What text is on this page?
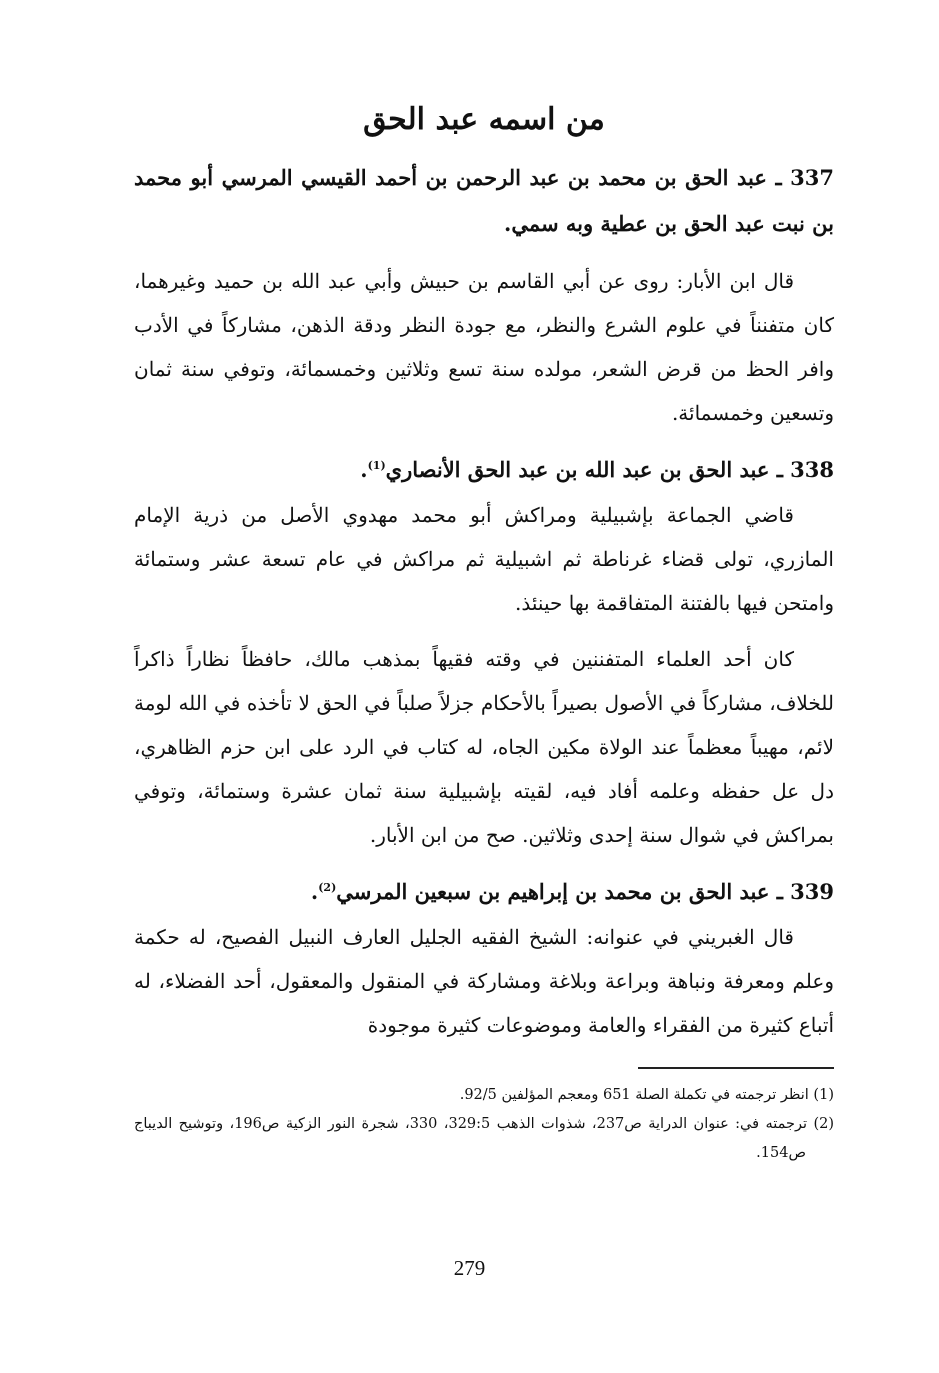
من اسمه عبد الحق

337 ـ عبد الحق بن محمد بن عبد الرحمن بن أحمد القيسي المرسي أبو محمد بن نبت عبد الحق بن عطية وبه سمي.

قال ابن الأبار: روى عن أبي القاسم بن حبيش وأبي عبد الله بن حميد وغيرهما، كان متفنناً في علوم الشرع والنظر، مع جودة النظر ودقة الذهن، مشاركاً في الأدب وافر الحظ من قرض الشعر، مولده سنة تسع وثلاثين وخمسمائة، وتوفي سنة ثمان وتسعين وخمسمائة.

338 ـ عبد الحق بن عبد الله بن عبد الحق الأنصاري$^{(1)}$.

قاضي الجماعة بإشبيلية ومراكش أبو محمد مهدوي الأصل من ذرية الإمام المازري، تولى قضاء غرناطة ثم اشبيلية ثم مراكش في عام تسعة عشر وستمائة وامتحن فيها بالفتنة المتفاقمة بها حينئذ.

كان أحد العلماء المتفننين في وقته فقيهاً بمذهب مالك، حافظاً نظاراً ذاكراً للخلاف، مشاركاً في الأصول بصيراً بالأحكام جزلاً صلباً في الحق لا تأخذه في الله لومة لائم، مهيباً معظماً عند الولاة مكين الجاه، له كتاب في الرد على ابن حزم الظاهري، دل عل حفظه وعلمه أفاد فيه، لقيته بإشبيلية سنة ثمان عشرة وستمائة، وتوفي بمراكش في شوال سنة إحدى وثلاثين. صح من ابن الأبار.

339 ـ عبد الحق بن محمد بن إبراهيم بن سبعين المرسي$^{(2)}$.

قال الغبريني في عنوانه: الشيخ الفقيه الجليل العارف النبيل الفصيح، له حكمة وعلم ومعرفة ونباهة وبراعة وبلاغة ومشاركة في المنقول والمعقول، أحد الفضلاء، له أتباع كثيرة من الفقراء والعامة وموضوعات كثيرة موجودة

(1) انظر ترجمته في تكملة الصلة 651 ومعجم المؤلفين 92/5.

(2) ترجمته في: عنوان الدراية ص237، شذوات الذهب 329:5، 330، شجرة النور الزكية ص196، وتوشيح الديباج ص154.

279
